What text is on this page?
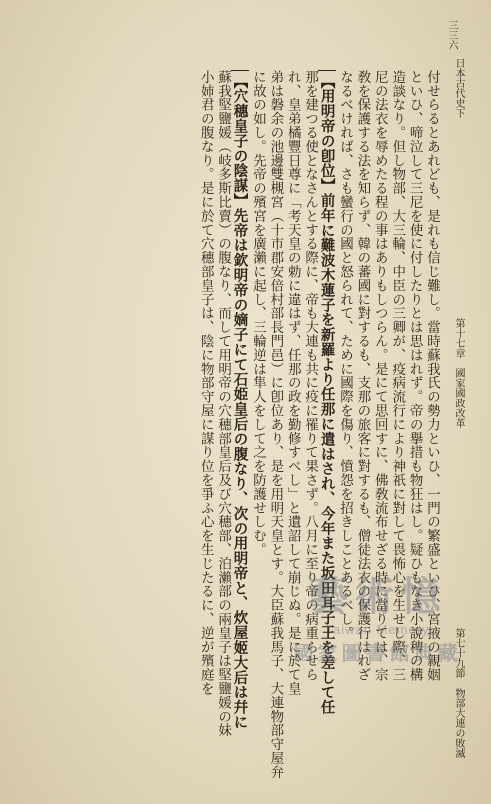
三三六
日本古代史下
第十七章　國家國政改革
第七十九節　物部大連の敗滅
付せらるとあれども、是れも信じ難し。當時蘇我氏の勢力といひ、一門の繁盛といひ、宮掖の親姻
といひ、啼泣して三尼を使に付したりとは思はれず。帝の擧措も物狂はし。疑ひもなき小說稗の構
造談なり。但し物部、大三輪、中臣の三卿が、疫病流行により神祇に對して畏怖心を生せし際、三
尼の法衣を辱めたる程の事はありもしつらん。是にて思回すに、佛敎流布せざる時に當りては、宗
敎を保護する法を知らず、韓の蕃國に對するも、支那の旅客に對するも、僧徒法衣の保護行はれざ
なるべければ、さも蠻行の國と怒られて、ために國際を傷り、憤怨を招きしことあるべし。
【用明帝の卽位】前年に難波木蓮子を新羅より任那に遣はされ、今年また坂田耳子王を差して任
那を建つる使となさんとする際に、帝も大連も共に疫に罹りて果さず。八月に至り帝の病重らせら
れ、皇弟橘豐日尊に「考天皇の勅に違はず、任那の政を勤修すべし」と遺詔して崩じぬ。是に於て皇
弟は磐余の池邊雙槻宮（十市郡安倍村部長門邑）に卽位あり、是を用明天皇とす。大臣蘇我馬子、大連物部守屋弁
に故の如し。先帝の殯宮を廣瀨に起し、三輪逆は隼人をして之を防護せしむ。
【穴穗皇子の陰謀】先帝は欽明帝の嫡子にて石姫皇后の腹なり、次の用明帝と、炊屋姬大后は幷に
蘇我堅鹽媛（岐多斯比賣）の腹なり、而して用明帝の穴穗部皇后及び穴穗部、泊瀨部の兩皇子は堅鹽媛の妹
小姉君の腹なり。是に於て穴穗部皇子は、陰に物部守屋に謀り位を爭ふ心を生じたるに、逆が殯庭を	藝術憶
Taiwan Memory
國家圖書館典藏
